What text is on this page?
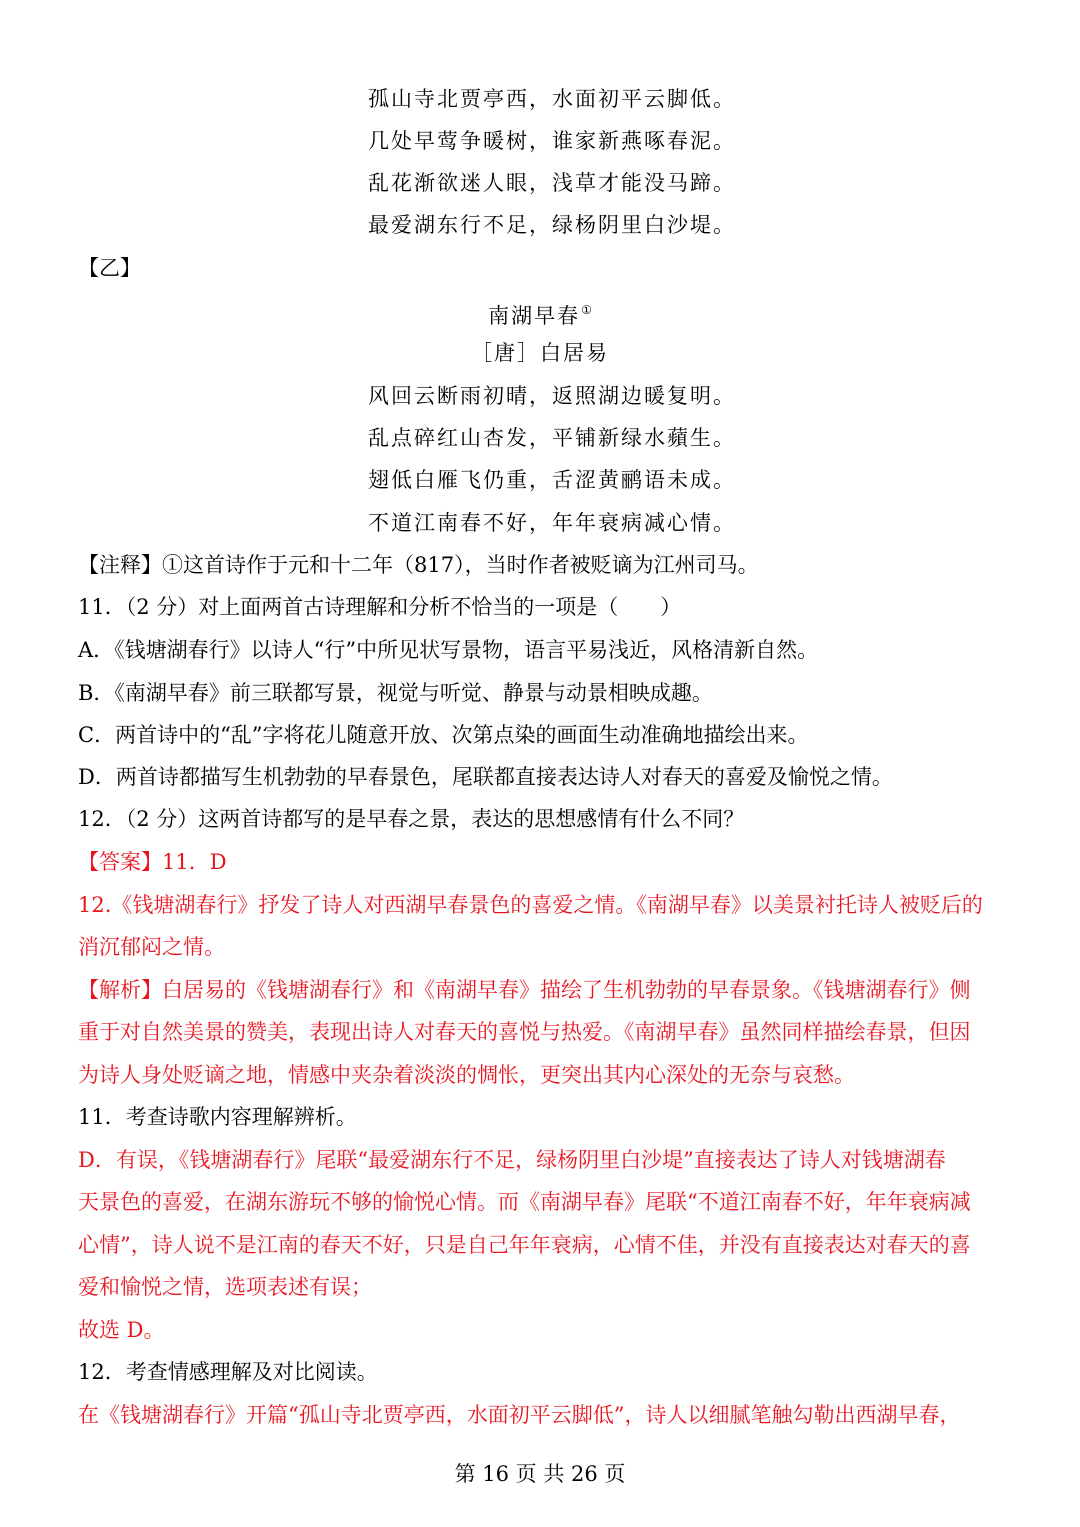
孤山寺北贾亭西，水面初平云脚低。
几处早莺争暖树，谁家新燕啄春泥。
乱花渐欲迷人眼，浅草才能没马蹄。
最爱湖东行不足，绿杨阴里白沙堤。
【乙】
南湖早春①
［唐］白居易
风回云断雨初晴，返照湖边暖复明。
乱点碎红山杏发，平铺新绿水蘋生。
翅低白雁飞仍重，舌涩黄鹂语未成。
不道江南春不好，年年衰病减心情。
【注释】①这首诗作于元和十二年（817），当时作者被贬谪为江州司马。
11．（2 分）对上面两首古诗理解和分析不恰当的一项是（　　）
A．《钱塘湖春行》以诗人“行”中所见状写景物，语言平易浅近，风格清新自然。
B．《南湖早春》前三联都写景，视觉与听觉、静景与动景相映成趣。
C．两首诗中的“乱”字将花儿随意开放、次第点染的画面生动准确地描绘出来。
D．两首诗都描写生机勃勃的早春景色，尾联都直接表达诗人对春天的喜爱及愉悦之情。
12．（2 分）这两首诗都写的是早春之景，表达的思想感情有什么不同？
【答案】11．D
12.《钱塘湖春行》抒发了诗人对西湖早春景色的喜爱之情。《南湖早春》以美景衬托诗人被贬后的
消沉郁闷之情。
【解析】白居易的《钱塘湖春行》和《南湖早春》描绘了生机勃勃的早春景象。《钱塘湖春行》侧
重于对自然美景的赞美，表现出诗人对春天的喜悦与热爱。《南湖早春》虽然同样描绘春景，但因
为诗人身处贬谪之地，情感中夹杂着淡淡的惆怅，更突出其内心深处的无奈与哀愁。
11．考查诗歌内容理解辨析。
D．有误，《钱塘湖春行》尾联“最爱湖东行不足，绿杨阴里白沙堤”直接表达了诗人对钱塘湖春
天景色的喜爱，在湖东游玩不够的愉悦心情。而《南湖早春》尾联“不道江南春不好，年年衰病减
心情”，诗人说不是江南的春天不好，只是自己年年衰病，心情不佳，并没有直接表达对春天的喜
爱和愉悦之情，选项表述有误；
故选 D。
12．考查情感理解及对比阅读。
在《钱塘湖春行》开篇“孤山寺北贾亭西，水面初平云脚低”，诗人以细腻笔触勾勒出西湖早春，
第 16 页 共 26 页
